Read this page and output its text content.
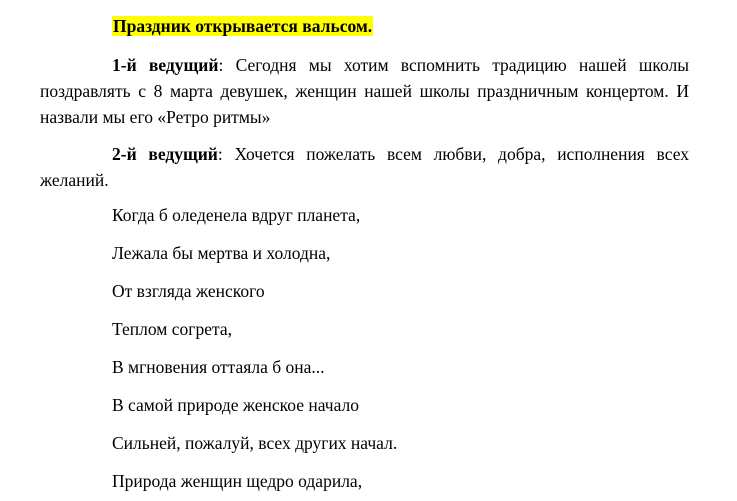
Праздник открывается вальсом.

1-й ведущий: Сегодня мы хотим вспомнить традицию нашей школы поздравлять с 8 марта девушек, женщин нашей школы праздничным концертом. И назвали мы его «Ретро ритмы»

2-й ведущий: Хочется пожелать всем любви, добра, исполнения всех желаний.

Когда б оледенела вдруг планета,

Лежала бы мертва и холодна,

От взгляда женского

Теплом согрета,

В мгновения оттаяла б она...

В самой природе женское начало

Сильней, пожалуй, всех других начал.

Природа женщин щедро одарила,
